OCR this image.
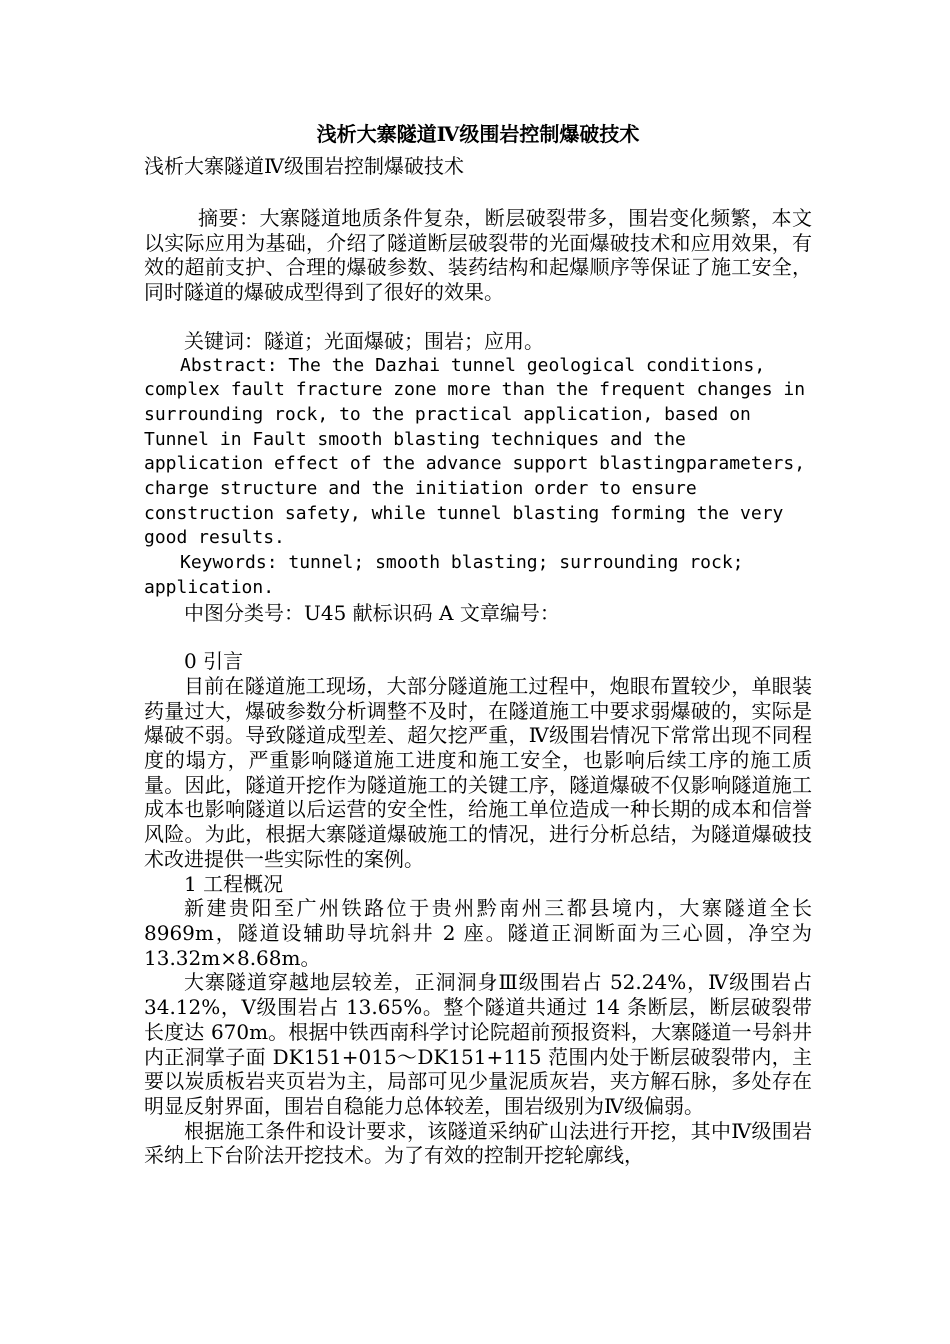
浅析大寨隧道Ⅳ级围岩控制爆破技术

浅析大寨隧道Ⅳ级围岩控制爆破技术

摘要：大寨隧道地质条件复杂，断层破裂带多，围岩变化频繁，本文以实际应用为基础，介绍了隧道断层破裂带的光面爆破技术和应用效果，有效的超前支护、合理的爆破参数、装药结构和起爆顺序等保证了施工安全，同时隧道的爆破成型得到了很好的效果。

关键词：隧道；光面爆破；围岩；应用。

Abstract: The the Dazhai tunnel geological conditions, complex fault fracture zone more than the frequent changes in surrounding rock, to the practical application, based on Tunnel in Fault smooth blasting techniques and the application effect of the advance support blastingparameters, charge structure and the initiation order to ensure construction safety, while tunnel blasting forming the very good results.

Keywords: tunnel; smooth blasting; surrounding rock; application.

中图分类号：U45 献标识码 A 文章编号：

0 引言

目前在隧道施工现场，大部分隧道施工过程中，炮眼布置较少，单眼装药量过大，爆破参数分析调整不及时，在隧道施工中要求弱爆破的，实际是爆破不弱。导致隧道成型差、超欠挖严重，Ⅳ级围岩情况下常常出现不同程度的塌方，严重影响隧道施工进度和施工安全，也影响后续工序的施工质量。因此，隧道开挖作为隧道施工的关键工序，隧道爆破不仅影响隧道施工成本也影响隧道以后运营的安全性，给施工单位造成一种长期的成本和信誉风险。为此，根据大寨隧道爆破施工的情况，进行分析总结，为隧道爆破技术改进提供一些实际性的案例。

1 工程概况

新建贵阳至广州铁路位于贵州黔南州三都县境内，大寨隧道全长 8969m，隧道设辅助导坑斜井 2 座。隧道正洞断面为三心圆，净空为 13.32m×8.68m。

大寨隧道穿越地层较差，正洞洞身Ⅲ级围岩占 52.24%，Ⅳ级围岩占 34.12%，Ⅴ级围岩占 13.65%。整个隧道共通过 14 条断层，断层破裂带长度达 670m。根据中铁西南科学讨论院超前预报资料，大寨隧道一号斜井内正洞掌子面 DK151+015～DK151+115 范围内处于断层破裂带内，主要以炭质板岩夹页岩为主，局部可见少量泥质灰岩，夹方解石脉，多处存在明显反射界面，围岩自稳能力总体较差，围岩级别为Ⅳ级偏弱。

根据施工条件和设计要求，该隧道采纳矿山法进行开挖，其中Ⅳ级围岩采纳上下台阶法开挖技术。为了有效的控制开挖轮廓线，
